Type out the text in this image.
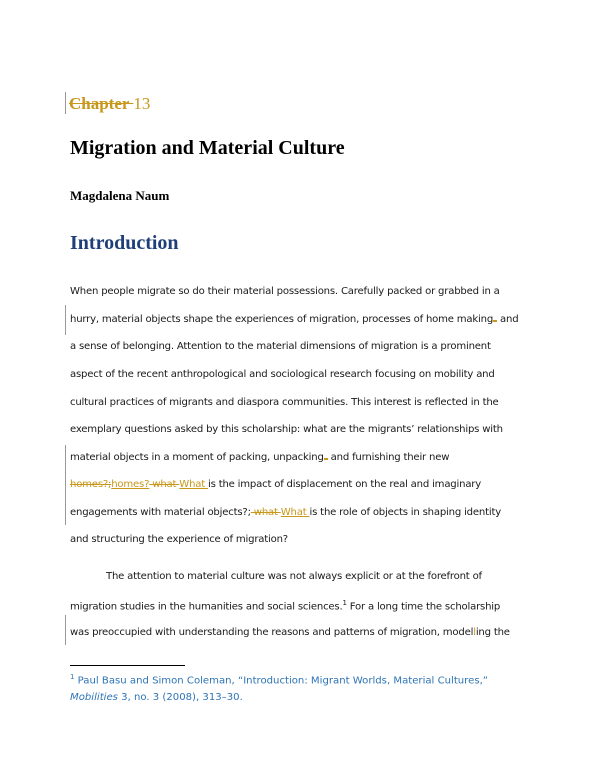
Chapter 13
Migration and Material Culture
Magdalena Naum
Introduction
When people migrate so do their material possessions. Carefully packed or grabbed in a
hurry, material objects shape the experiences of migration, processes of home making and
a sense of belonging. Attention to the material dimensions of migration is a prominent
aspect of the recent anthropological and sociological research focusing on mobility and
cultural practices of migrants and diaspora communities. This interest is reflected in the
exemplary questions asked by this scholarship: what are the migrants’ relationships with
material objects in a moment of packing, unpacking and furnishing their new
homes?;homes? what What is the impact of displacement on the real and imaginary
engagements with material objects?; what What is the role of objects in shaping identity
and structuring the experience of migration?
The attention to material culture was not always explicit or at the forefront of
migration studies in the humanities and social sciences.$^1$ For a long time the scholarship
was preoccupied with understanding the reasons and patterns of migration, modelling the
$^1$ Paul Basu and Simon Coleman, “Introduction: Migrant Worlds, Material Cultures,”
Mobilities 3, no. 3 (2008), 313–30.
